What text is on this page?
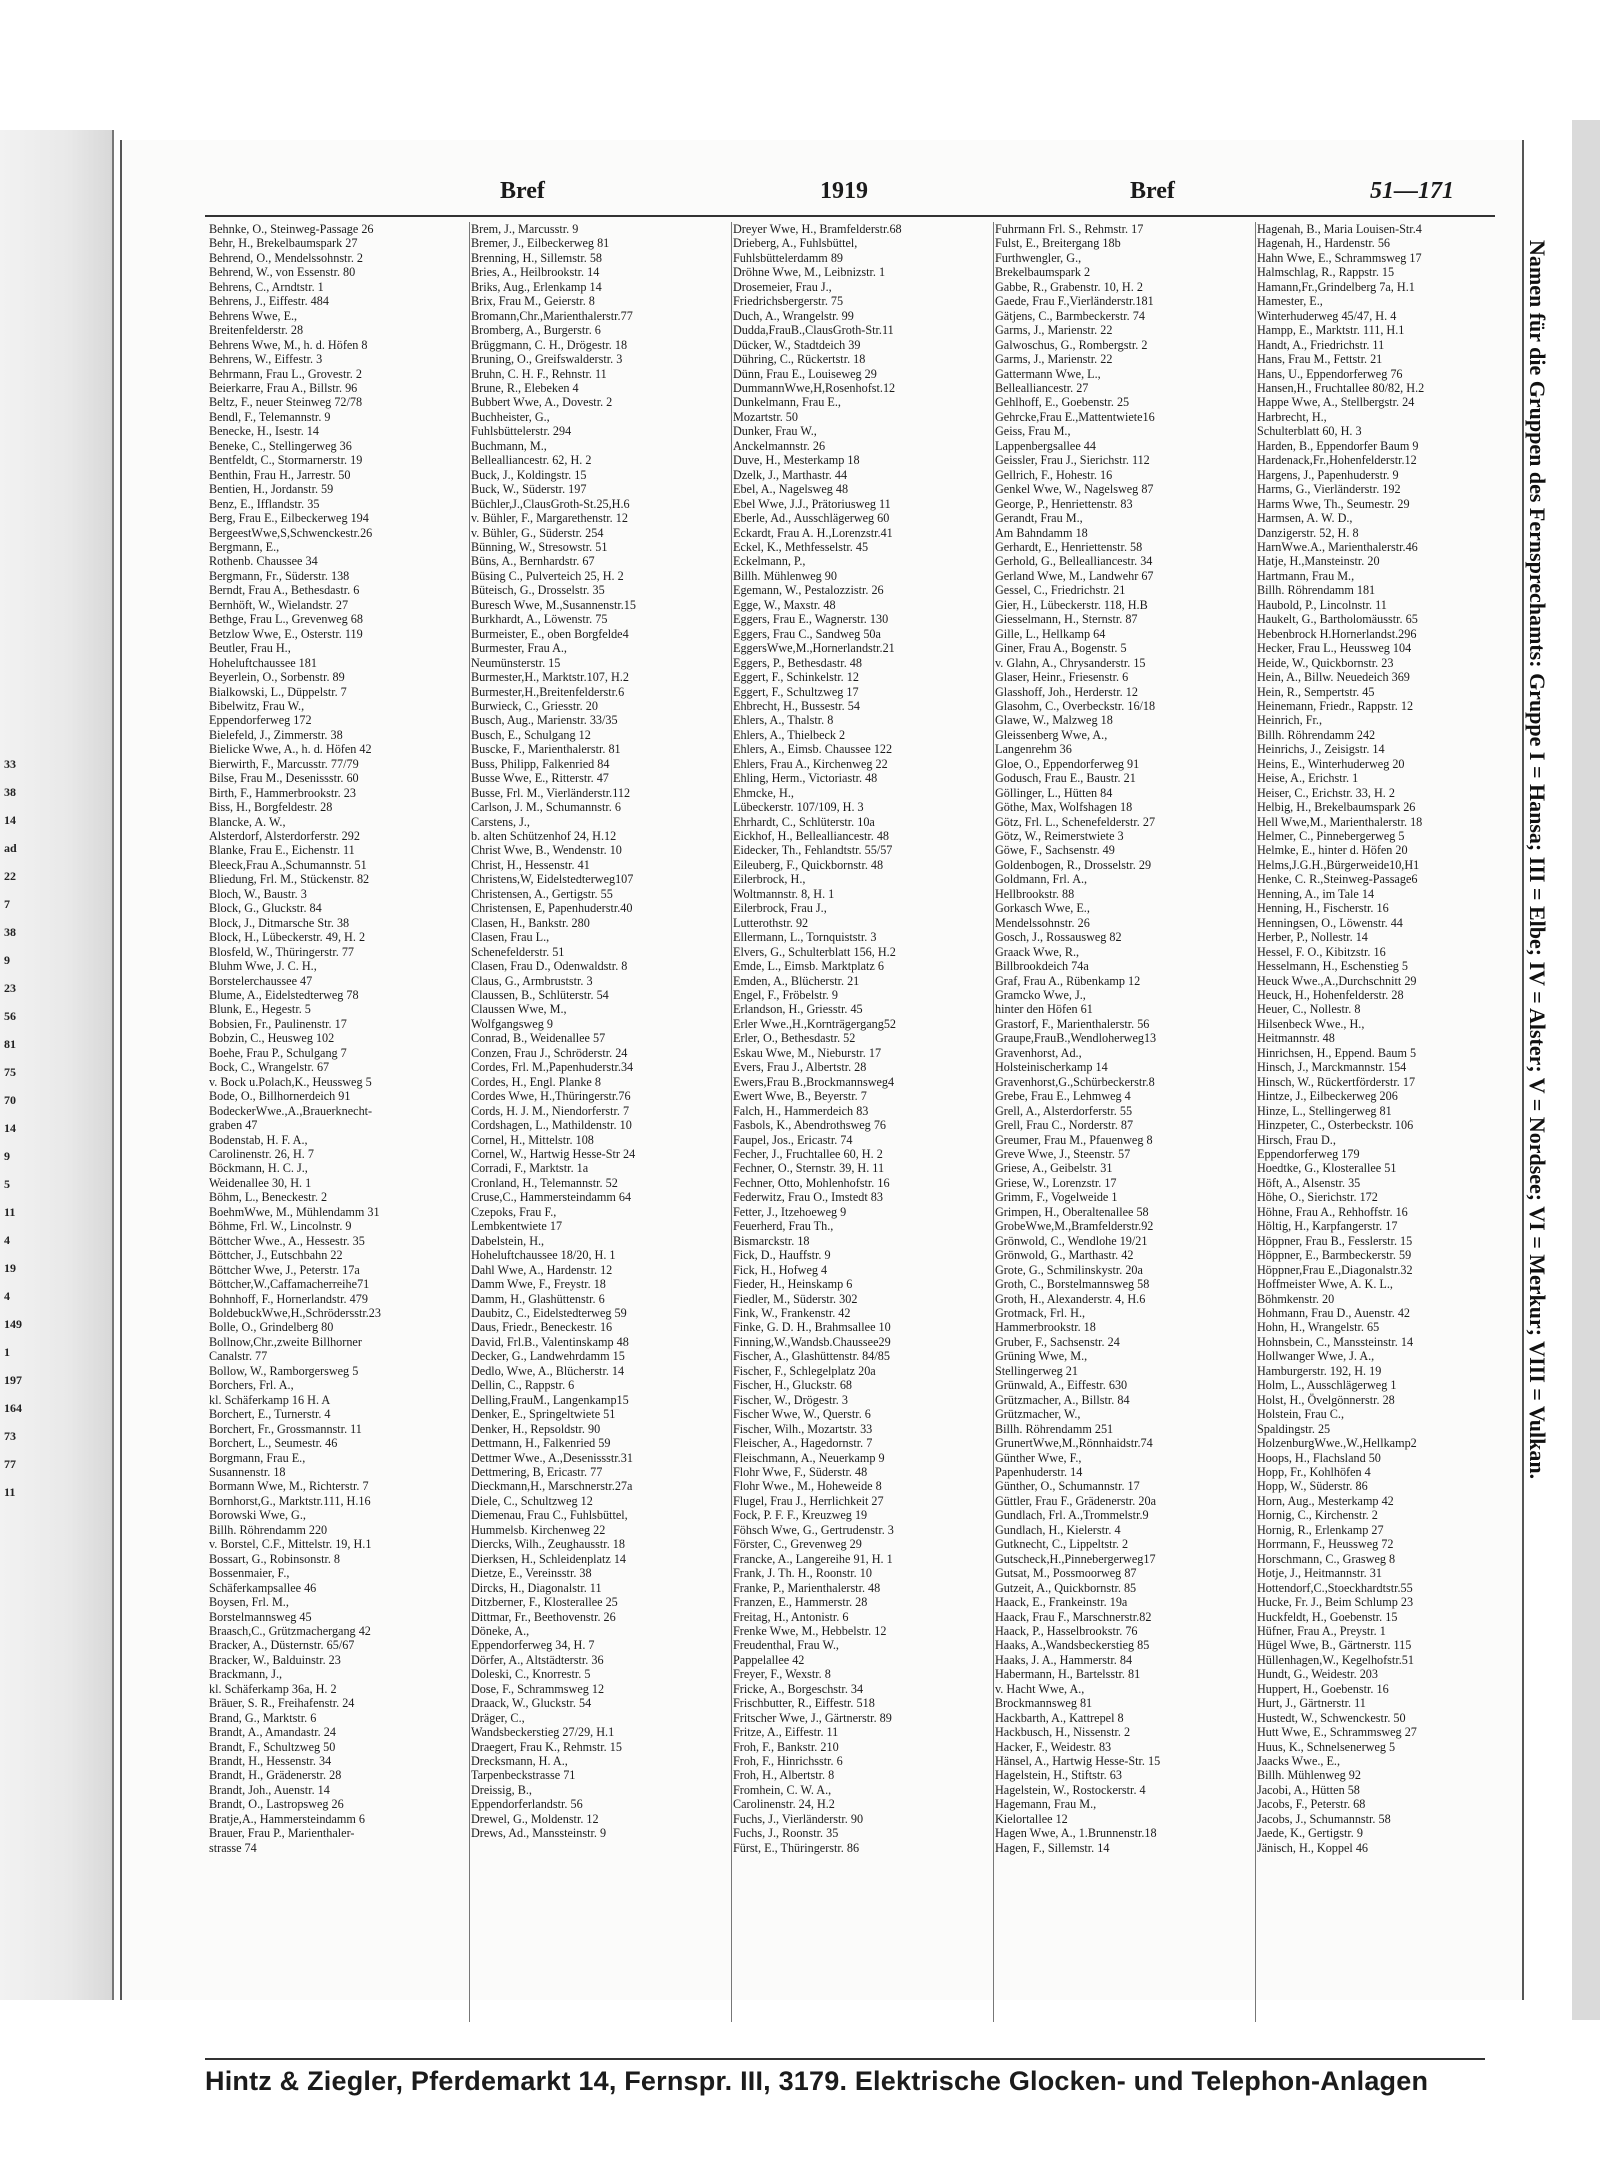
33
38
14
ad
22
7
38
9
23
56
81
75
70
14
9
5
11
4
19
4
149
1
197
164
73
77
11
Bref	1919	Bref	51—171
Behnke, O., Steinweg-Passage 26
Behr, H., Brekelbaumspark 27
Behrend, O., Mendelssohnstr. 2
Behrend, W., von Essenstr. 80
Behrens, C., Arndtstr. 1
Behrens, J., Eiffestr. 484
Behrens Wwe, E.,
Breitenfelderstr. 28
Behrens Wwe, M., h. d. Höfen 8
Behrens, W., Eiffestr. 3
Behrmann, Frau L., Grovestr. 2
Beierkarre, Frau A., Billstr. 96
Beltz, F., neuer Steinweg 72/78
Bendl, F., Telemannstr. 9
Benecke, H., Isestr. 14
Beneke, C., Stellingerweg 36
Bentfeldt, C., Stormarnerstr. 19
Benthin, Frau H., Jarrestr. 50
Bentien, H., Jordanstr. 59
Benz, E., Ifflandstr. 35
Berg, Frau E., Eilbeckerweg 194
BergeestWwe,S,Schwenckestr.26
Bergmann, E.,
Rothenb. Chaussee 34
Bergmann, Fr., Süderstr. 138
Berndt, Frau A., Bethesdastr. 6
Bernhöft, W., Wielandstr. 27
Bethge, Frau L., Grevenweg 68
Betzlow Wwe, E., Osterstr. 119
Beutler, Frau H.,
Hoheluftchaussee 181
Beyerlein, O., Sorbenstr. 89
Bialkowski, L., Düppelstr. 7
Bibelwitz, Frau W.,
Eppendorferweg 172
Bielefeld, J., Zimmerstr. 38
Bielicke Wwe, A., h. d. Höfen 42
Bierwirth, F., Marcusstr. 77/79
Bilse, Frau M., Desenissstr. 60
Birth, F., Hammerbrookstr. 23
Biss, H., Borgfeldestr. 28
Blancke, A. W.,
Alsterdorf, Alsterdorferstr. 292
Blanke, Frau E., Eichenstr. 11
Bleeck,Frau A.,Schumannstr. 51
Bliedung, Frl. M., Stückenstr. 82
Bloch, W., Baustr. 3
Block, G., Gluckstr. 84
Block, J., Ditmarsche Str. 38
Block, H., Lübeckerstr. 49, H. 2
Blosfeld, W., Thüringerstr. 77
Bluhm Wwe, J. C. H.,
Borstelerchaussee 47
Blume, A., Eidelstedterweg 78
Blunk, E., Hegestr. 5
Bobsien, Fr., Paulinenstr. 17
Bobzin, C., Heusweg 102
Boehe, Frau P., Schulgang 7
Bock, C., Wrangelstr. 67
v. Bock u.Polach,K., Heussweg 5
Bode, O., Billhornerdeich 91
BodeckerWwe.,A.,Brauerknecht-
graben 47
Bodenstab, H. F. A.,
Carolinenstr. 26, H. 7
Böckmann, H. C. J.,
Weidenallee 30, H. 1
Böhm, L., Beneckestr. 2
BoehmWwe, M., Mühlendamm 31
Böhme, Frl. W., Lincolnstr. 9
Böttcher Wwe., A., Hessestr. 35
Böttcher, J., Eutschbahn 22
Böttcher Wwe, J., Peterstr. 17a
Böttcher,W.,Caffamacherreihe71
Bohnhoff, F., Hornerlandstr. 479
BoldebuckWwe,H.,Schrödersstr.23
Bolle, O., Grindelberg 80
Bollnow,Chr.,zweite Billhorner
Canalstr. 77
Bollow, W., Ramborgersweg 5
Borchers, Frl. A.,
kl. Schäferkamp 16 H. A
Borchert, E., Turnerstr. 4
Borchert, Fr., Grossmannstr. 11
Borchert, L., Seumestr. 46
Borgmann, Frau E.,
Susannenstr. 18
Bormann Wwe, M., Richterstr. 7
Bornhorst,G., Marktstr.111, H.16
Borowski Wwe, G.,
Billh. Röhrendamm 220
v. Borstel, C.F., Mittelstr. 19, H.1
Bossart, G., Robinsonstr. 8
Bossenmaier, F.,
Schäferkampsallee 46
Boysen, Frl. M.,
Borstelmannsweg 45
Braasch,C., Grützmachergang 42
Bracker, A., Düsternstr. 65/67
Bracker, W., Balduinstr. 23
Brackmann, J.,
kl. Schäferkamp 36a, H. 2
Bräuer, S. R., Freihafenstr. 24
Brand, G., Marktstr. 6
Brandt, A., Amandastr. 24
Brandt, F., Schultzweg 50
Brandt, H., Hessenstr. 34
Brandt, H., Grädenerstr. 28
Brandt, Joh., Auenstr. 14
Brandt, O., Lastropsweg 26
Bratje,A., Hammersteindamm 6
Brauer, Frau P., Marienthaler-
strasse 74
Brem, J., Marcusstr. 9
Bremer, J., Eilbeckerweg 81
Brenning, H., Sillemstr. 58
Bries, A., Heilbrookstr. 14
Briks, Aug., Erlenkamp 14
Brix, Frau M., Geierstr. 8
Bromann,Chr.,Marienthalerstr.77
Bromberg, A., Burgerstr. 6
Brüggmann, C. H., Drögestr. 18
Bruning, O., Greifswalderstr. 3
Bruhn, C. H. F., Rehnstr. 11
Brune, R., Elebeken 4
Bubbert Wwe, A., Dovestr. 2
Buchheister, G.,
Fuhlsbüttelerstr. 294
Buchmann, M.,
Bellealliancestr. 62, H. 2
Buck, J., Koldingstr. 15
Buck, W., Süderstr. 197
Büchler,J.,ClausGroth-St.25,H.6
v. Bühler, F., Margarethenstr. 12
v. Bühler, G., Süderstr. 254
Bünning, W., Stresowstr. 51
Büns, A., Bernhardstr. 67
Büsing C., Pulverteich 25, H. 2
Büteisch, G., Drosselstr. 35
Buresch Wwe, M.,Susannenstr.15
Burkhardt, A., Löwenstr. 75
Burmeister, E., oben Borgfelde4
Burmester, Frau A.,
Neumünsterstr. 15
Burmester,H., Marktstr.107, H.2
Burmester,H.,Breitenfelderstr.6
Burwieck, C., Griesstr. 20
Busch, Aug., Marienstr. 33/35
Busch, E., Schulgang 12
Buscke, F., Marienthalerstr. 81
Buss, Philipp, Falkenried 84
Busse Wwe, E., Ritterstr. 47
Busse, Frl. M., Vierländerstr.112
Carlson, J. M., Schumannstr. 6
Carstens, J.,
b. alten Schützenhof 24, H.12
Christ Wwe, B., Wendenstr. 10
Christ, H., Hessenstr. 41
Christens,W, Eidelstedterweg107
Christensen, A., Gertigstr. 55
Christensen, E, Papenhuderstr.40
Clasen, H., Bankstr. 280
Clasen, Frau L.,
Schenefelderstr. 51
Clasen, Frau D., Odenwaldstr. 8
Claus, G., Armbruststr. 3
Claussen, B., Schlüterstr. 54
Claussen Wwe, M.,
Wolfgangsweg 9
Conrad, B., Weidenallee 57
Conzen, Frau J., Schröderstr. 24
Cordes, Frl. M.,Papenhuderstr.34
Cordes, H., Engl. Planke 8
Cordes Wwe, H.,Thüringerstr.76
Cords, H. J. M., Niendorferstr. 7
Cordshagen, L., Mathildenstr. 10
Cornel, H., Mittelstr. 108
Cornel, W., Hartwig Hesse-Str 24
Corradi, F., Marktstr. 1a
Cronland, H., Telemannstr. 52
Cruse,C., Hammersteindamm 64
Czepoks, Frau F.,
Lembkentwiete 17
Dabelstein, H.,
Hoheluftchaussee 18/20, H. 1
Dahl Wwe, A., Hardenstr. 12
Damm Wwe, F., Freystr. 18
Damm, H., Glashüttenstr. 6
Daubitz, C., Eidelstedterweg 59
Daus, Friedr., Beneckestr. 16
David, Frl.B., Valentinskamp 48
Decker, G., Landwehrdamm 15
Dedlo, Wwe, A., Blücherstr. 14
Dellin, C., Rappstr. 6
Delling,FrauM., Langenkamp15
Denker, E., Springeltwiete 51
Denker, H., Repsoldstr. 90
Dettmann, H., Falkenried 59
Dettmer Wwe., A.,Desenissstr.31
Dettmering, B, Ericastr. 77
Dieckmann,H., Marschnerstr.27a
Diele, C., Schultzweg 12
Diemenau, Frau C., Fuhlsbüttel,
Hummelsb. Kirchenweg 22
Diercks, Wilh., Zeughausstr. 18
Dierksen, H., Schleidenplatz 14
Dietze, E., Vereinsstr. 38
Dircks, H., Diagonalstr. 11
Ditzberner, F., Klosterallee 25
Dittmar, Fr., Beethovenstr. 26
Döneke, A.,
Eppendorferweg 34, H. 7
Dörfer, A., Altstädterstr. 36
Doleski, C., Knorrestr. 5
Dose, F., Schrammsweg 12
Draack, W., Gluckstr. 54
Dräger, C.,
Wandsbeckerstieg 27/29, H.1
Draegert, Frau K., Rehmstr. 15
Drecksmann, H. A.,
Tarpenbeckstrasse 71
Dreissig, B.,
Eppendorferlandstr. 56
Drewel, G., Moldenstr. 12
Drews, Ad., Manssteinstr. 9
Dreyer Wwe, H., Bramfelderstr.68
Drieberg, A., Fuhlsbüttel,
Fuhlsbüttelerdamm 89
Dröhne Wwe, M., Leibnizstr. 1
Drosemeier, Frau J.,
Friedrichsbergerstr. 75
Duch, A., Wrangelstr. 99
Dudda,FrauB.,ClausGroth-Str.11
Dücker, W., Stadtdeich 39
Dühring, C., Rückertstr. 18
Dünn, Frau E., Louiseweg 29
DummannWwe,H,Rosenhofst.12
Dunkelmann, Frau E.,
Mozartstr. 50
Dunker, Frau W.,
Anckelmannstr. 26
Duve, H., Mesterkamp 18
Dzelk, J., Marthastr. 44
Ebel, A., Nagelsweg 48
Ebel Wwe, J.J., Prätoriusweg 11
Eberle, Ad., Ausschlägerweg 60
Eckardt, Frau A. H.,Lorenzstr.41
Eckel, K., Methfesselstr. 45
Eckelmann, P.,
Billh. Mühlenweg 90
Egemann, W., Pestalozzistr. 26
Egge, W., Maxstr. 48
Eggers, Frau E., Wagnerstr. 130
Eggers, Frau C., Sandweg 50a
EggersWwe,M.,Hornerlandstr.21
Eggers, P., Bethesdastr. 48
Eggert, F., Schinkelstr. 12
Eggert, F., Schultzweg 17
Ehbrecht, H., Bussestr. 54
Ehlers, A., Thalstr. 8
Ehlers, A., Thielbeck 2
Ehlers, A., Eimsb. Chaussee 122
Ehlers, Frau A., Kirchenweg 22
Ehling, Herm., Victoriastr. 48
Ehmcke, H.,
Lübeckerstr. 107/109, H. 3
Ehrhardt, C., Schlüterstr. 10a
Eickhof, H., Bellealliancestr. 48
Eidecker, Th., Fehlandtstr. 55/57
Eileuberg, F., Quickbornstr. 48
Eilerbrock, H.,
Woltmannstr. 8, H. 1
Eilerbrock, Frau J.,
Lutterothstr. 92
Ellermann, L., Tornquiststr. 3
Elvers, G., Schulterblatt 156, H.2
Emde, L., Eimsb. Marktplatz 6
Emden, A., Blücherstr. 21
Engel, F., Fröbelstr. 9
Erlandson, H., Griesstr. 45
Erler Wwe.,H.,Kornträgergang52
Erler, O., Bethesdastr. 52
Eskau Wwe, M., Nieburstr. 17
Evers, Frau J., Albertstr. 28
Ewers,Frau B.,Brockmannsweg4
Ewert Wwe, B., Beyerstr. 7
Falch, H., Hammerdeich 83
Fasbols, K., Abendrothsweg 76
Faupel, Jos., Ericastr. 74
Fecher, J., Fruchtallee 60, H. 2
Fechner, O., Sternstr. 39, H. 11
Fechner, Otto, Mohlenhofstr. 16
Federwitz, Frau O., Imstedt 83
Fetter, J., Itzehoeweg 9
Feuerherd, Frau Th.,
Bismarckstr. 18
Fick, D., Hauffstr. 9
Fick, H., Hofweg 4
Fieder, H., Heinskamp 6
Fiedler, M., Süderstr. 302
Fink, W., Frankenstr. 42
Finke, G. D. H., Brahmsallee 10
Finning,W.,Wandsb.Chaussee29
Fischer, A., Glashüttenstr. 84/85
Fischer, F., Schlegelplatz 20a
Fischer, H., Gluckstr. 68
Fischer, W., Drögestr. 3
Fischer Wwe, W., Querstr. 6
Fischer, Wilh., Mozartstr. 33
Fleischer, A., Hagedornstr. 7
Fleischmann, A., Neuerkamp 9
Flohr Wwe, F., Süderstr. 48
Flohr Wwe., M., Hoheweide 8
Flugel, Frau J., Herrlichkeit 27
Fock, P. F. F., Kreuzweg 19
Föhsch Wwe, G., Gertrudenstr. 3
Förster, C., Grevenweg 29
Francke, A., Langereihe 91, H. 1
Frank, J. Th. H., Roonstr. 10
Franke, P., Marienthalerstr. 48
Franzen, E., Hammerstr. 28
Freitag, H., Antonistr. 6
Frenke Wwe, M., Hebbelstr. 12
Freudenthal, Frau W.,
Pappelallee 42
Freyer, F., Wexstr. 8
Fricke, A., Borgeschstr. 34
Frischbutter, R., Eiffestr. 518
Fritscher Wwe, J., Gärtnerstr. 89
Fritze, A., Eiffestr. 11
Froh, F., Bankstr. 210
Froh, F., Hinrichsstr. 6
Froh, H., Albertstr. 8
Fromhein, C. W. A.,
Carolinenstr. 24, H.2
Fuchs, J., Vierländerstr. 90
Fuchs, J., Roonstr. 35
Fürst, E., Thüringerstr. 86
Fuhrmann Frl. S., Rehmstr. 17
Fulst, E., Breitergang 18b
Furthwengler, G.,
Brekelbaumspark 2
Gabbe, R., Grabenstr. 10, H. 2
Gaede, Frau F.,Vierländerstr.181
Gätjens, C., Barmbeckerstr. 74
Garms, J., Marienstr. 22
Galwoschus, G., Rombergstr. 2
Garms, J., Marienstr. 22
Gattermann Wwe, L.,
Bellealliancestr. 27
Gehlhoff, E., Goebenstr. 25
Gehrcke,Frau E.,Mattentwiete16
Geiss, Frau M.,
Lappenbergsallee 44
Geissler, Frau J., Sierichstr. 112
Gellrich, F., Hohestr. 16
Genkel Wwe, W., Nagelsweg 87
George, P., Henriettenstr. 83
Gerandt, Frau M.,
Am Bahndamm 18
Gerhardt, E., Henriettenstr. 58
Gerhold, G., Bellealliancestr. 34
Gerland Wwe, M., Landwehr 67
Gessel, C., Friedrichstr. 21
Gier, H., Lübeckerstr. 118, H.B
Giesselmann, H., Sternstr. 87
Gille, L., Hellkamp 64
Giner, Frau A., Bogenstr. 5
v. Glahn, A., Chrysanderstr. 15
Glaser, Heinr., Friesenstr. 6
Glasshoff, Joh., Herderstr. 12
Glasohm, C., Overbeckstr. 16/18
Glawe, W., Malzweg 18
Gleissenberg Wwe, A.,
Langenrehm 36
Gloe, O., Eppendorferweg 91
Godusch, Frau E., Baustr. 21
Göllinger, L., Hütten 84
Göthe, Max, Wolfshagen 18
Götz, Frl. L., Schenefelderstr. 27
Götz, W., Reimerstwiete 3
Göwe, F., Sachsenstr. 49
Goldenbogen, R., Drosselstr. 29
Goldmann, Frl. A.,
Hellbrookstr. 88
Gorkasch Wwe, E.,
Mendelssohnstr. 26
Gosch, J., Rossausweg 82
Graack Wwe, R.,
Billbrookdeich 74a
Graf, Frau A., Rübenkamp 12
Gramcko Wwe, J.,
hinter den Höfen 61
Grastorf, F., Marienthalerstr. 56
Graupe,FrauB.,Wendloherweg13
Gravenhorst, Ad.,
Holsteinischerkamp 14
Gravenhorst,G.,Schürbeckerstr.8
Grebe, Frau E., Lehmweg 4
Grell, A., Alsterdorferstr. 55
Grell, Frau C., Norderstr. 87
Greumer, Frau M., Pfauenweg 8
Greve Wwe, J., Steenstr. 57
Griese, A., Geibelstr. 31
Griese, W., Lorenzstr. 17
Grimm, F., Vogelweide 1
Grimpen, H., Oberaltenallee 58
GrobeWwe,M.,Bramfelderstr.92
Grönwold, C., Wendlohe 19/21
Grönwold, G., Marthastr. 42
Grote, G., Schmilinskystr. 20a
Groth, C., Borstelmannsweg 58
Groth, H., Alexanderstr. 4, H.6
Grotmack, Frl. H.,
Hammerbrookstr. 18
Gruber, F., Sachsenstr. 24
Grüning Wwe, M.,
Stellingerweg 21
Grünwald, A., Eiffestr. 630
Grützmacher, A., Billstr. 84
Grützmacher, W.,
Billh. Röhrendamm 251
GrunertWwe,M.,Rönnhaidstr.74
Günther Wwe, F.,
Papenhuderstr. 14
Günther, O., Schumannstr. 17
Güttler, Frau F., Grädenerstr. 20a
Gundlach, Frl. A.,Trommelstr.9
Gundlach, H., Kielerstr. 4
Gutknecht, C., Lippeltstr. 2
Gutscheck,H.,Pinnebergerweg17
Gutsat, M., Possmoorweg 87
Gutzeit, A., Quickbornstr. 85
Haack, E., Frankeinstr. 19a
Haack, Frau F., Marschnerstr.82
Haack, P., Hasselbrookstr. 76
Haaks, A.,Wandsbeckerstieg 85
Haaks, J. A., Hammerstr. 84
Habermann, H., Bartelsstr. 81
v. Hacht Wwe, A.,
Brockmannsweg 81
Hackbarth, A., Kattrepel 8
Hackbusch, H., Nissenstr. 2
Hacker, F., Weidestr. 83
Hänsel, A., Hartwig Hesse-Str. 15
Hagelstein, H., Stiftstr. 63
Hagelstein, W., Rostockerstr. 4
Hagemann, Frau M.,
Kielortallee 12
Hagen Wwe, A., 1.Brunnenstr.18
Hagen, F., Sillemstr. 14
Hagenah, B., Maria Louisen-Str.4
Hagenah, H., Hardenstr. 56
Hahn Wwe, E., Schrammsweg 17
Halmschlag, R., Rappstr. 15
Hamann,Fr.,Grindelberg 7a, H.1
Hamester, E.,
Winterhuderweg 45/47, H. 4
Hampp, E., Marktstr. 111, H.1
Handt, A., Friedrichstr. 11
Hans, Frau M., Fettstr. 21
Hans, U., Eppendorferweg 76
Hansen,H., Fruchtallee 80/82, H.2
Happe Wwe, A., Stellbergstr. 24
Harbrecht, H.,
Schulterblatt 60, H. 3
Harden, B., Eppendorfer Baum 9
Hardenack,Fr.,Hohenfelderstr.12
Hargens, J., Papenhuderstr. 9
Harms, G., Vierländerstr. 192
Harms Wwe, Th., Seumestr. 29
Harmsen, A. W. D.,
Danzigerstr. 52, H. 8
HarnWwe.A., Marienthalerstr.46
Hatje, H.,Mansteinstr. 20
Hartmann, Frau M.,
Billh. Röhrendamm 181
Haubold, P., Lincolnstr. 11
Haukelt, G., Bartholomäusstr. 65
Hebenbrock H.Hornerlandst.296
Hecker, Frau L., Heussweg 104
Heide, W., Quickbornstr. 23
Hein, A., Billw. Neuedeich 369
Hein, R., Sempertstr. 45
Heinemann, Friedr., Rappstr. 12
Heinrich, Fr.,
Billh. Röhrendamm 242
Heinrichs, J., Zeisigstr. 14
Heins, E., Winterhuderweg 20
Heise, A., Erichstr. 1
Heiser, C., Erichstr. 33, H. 2
Helbig, H., Brekelbaumspark 26
Hell Wwe,M., Marienthalerstr. 18
Helmer, C., Pinnebergerweg 5
Helmke, E., hinter d. Höfen 20
Helms,J.G.H.,Bürgerweide10,H1
Henke, C. R.,Steinweg-Passage6
Henning, A., im Tale 14
Henning, H., Fischerstr. 16
Henningsen, O., Löwenstr. 44
Herber, P., Nollestr. 14
Hessel, F. O., Kibitzstr. 16
Hesselmann, H., Eschenstieg 5
Heuck Wwe.,A.,Durchschnitt 29
Heuck, H., Hohenfelderstr. 28
Heuer, C., Nollestr. 8
Hilsenbeck Wwe., H.,
Heitmannstr. 48
Hinrichsen, H., Eppend. Baum 5
Hinsch, J., Marckmannstr. 154
Hinsch, W., Rückertförderstr. 17
Hintze, J., Eilbeckerweg 206
Hinze, L., Stellingerweg 81
Hinzpeter, C., Osterbeckstr. 106
Hirsch, Frau D.,
Eppendorferweg 179
Hoedtke, G., Klosterallee 51
Höft, A., Alsenstr. 35
Höhe, O., Sierichstr. 172
Höhne, Frau A., Rehhoffstr. 16
Höltig, H., Karpfangerstr. 17
Höppner, Frau B., Fesslerstr. 15
Höppner, E., Barmbeckerstr. 59
Höppner,Frau E.,Diagonalstr.32
Hoffmeister Wwe, A. K. L.,
Böhmkenstr. 20
Hohmann, Frau D., Auenstr. 42
Hohn, H., Wrangelstr. 65
Hohnsbein, C., Manssteinstr. 14
Hollwanger Wwe, J. A.,
Hamburgerstr. 192, H. 19
Holm, L., Ausschlägerweg 1
Holst, H., Övelgönnerstr. 28
Holstein, Frau C.,
Spaldingstr. 25
HolzenburgWwe.,W.,Hellkamp2
Hoops, H., Flachsland 50
Hopp, Fr., Kohlhöfen 4
Hopp, W., Süderstr. 86
Horn, Aug., Mesterkamp 42
Hornig, C., Kirchenstr. 2
Hornig, R., Erlenkamp 27
Horrmann, F., Heussweg 72
Horschmann, C., Grasweg 8
Hotje, J., Heitmannstr. 31
Hottendorf,C.,Stoeckhardtstr.55
Hucke, Fr. J., Beim Schlump 23
Huckfeldt, H., Goebenstr. 15
Hüfner, Frau A., Preystr. 1
Hügel Wwe, B., Gärtnerstr. 115
Hüllenhagen,W., Kegelhofstr.51
Hundt, G., Weidestr. 203
Huppert, H., Goebenstr. 16
Hurt, J., Gärtnerstr. 11
Hustedt, W., Schwenckestr. 50
Hutt Wwe, E., Schrammsweg 27
Huus, K., Schnelsenerweg 5
Jaacks Wwe., E.,
Billh. Mühlenweg 92
Jacobi, A., Hütten 58
Jacobs, F., Peterstr. 68
Jacobs, J., Schumannstr. 58
Jaede, K., Gertigstr. 9
Jänisch, H., Koppel 46
Namen für die Gruppen des Fernsprechamts: Gruppe I = Hansa; III = Elbe; IV = Alster; V = Nordsee; VI = Merkur; VIII = Vulkan.
Hintz & Ziegler, Pferdemarkt 14, Fernspr. III, 3179. Elektrische Glocken- und Telephon-Anlagen
